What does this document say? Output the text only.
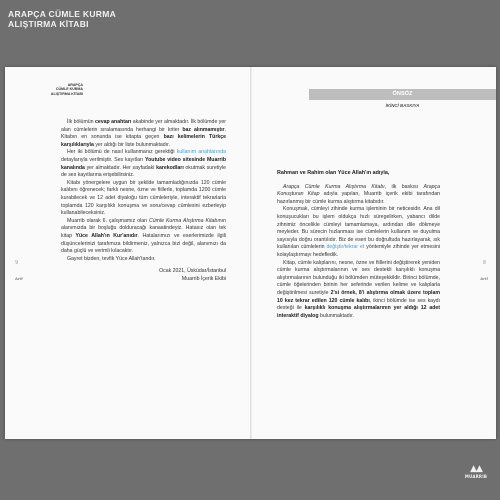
ARAPÇA CÜMLE KURMA
ALIŞTIRMA KİTABI
ARAPÇA
CÜMLE KURMA
ALIŞTIRMA KİTABI

İlk bölümün cevap anahtarı akabinde yer almaktadır. İlk bölümde yer alan cümlelerin sıralamasında herhangi bir kriter baz alınmamıştır. Kitabın en sonunda ise kitapta geçen bazı kelimelerin Türkçe karşılıklarıyla yer aldığı bir liste bulunmaktadır.

Her iki bölümü de nasıl kullanmanız gerektiği kullanım anahtarında detaylarıyla verilmiştir. Ses kayıtları Youtube video sitesinde Muarrib kanalında yer almaktadır. Her sayfadaki karekodları okutmak suretiyle de ses kayıtlarına erişebilirsiniz.

Kitabı yönergelere uygun bir şekilde tamamladığınızda 120 cümle kalıbını öğrenecek; farklı nesne, özne ve fiillerle, toplamda 1200 cümle kurabilecek ve 12 adet diyaloğu tüm cümleleriyle, interaktif tekrarlarla toplamda 120 karşılıklı konuşma ve soru/cevap cümlesini ezberleyip kullanabileceksiniz.

Muarrib olarak 6. çalışmamız olan Cümle Kurma Alıştırma Kitabının alanımızda bir boşluğu dolduracağı kanaatindeyiz. Hatasız olan tek kitap Yüce Allah'ın Kur'anıdır. Hatalarımızı ve eserlerimizde ilgili düşüncelerinizi tarafımıza bildirmeniz, yalnızca bizi değil, alanımızı da daha güçlü ve verimli kılacaktır.

Gayret bizden, tevfik Yüce Allah'tandır.

Ocak 2021, Üsküdar/İstanbul
Muarrib İçerik Ekibi
9
Arif
ÖNSÖZ
İKİNCİ BASKIYA

Rahman ve Rahim olan Yüce Allah'ın adıyla,

Arapça Cümle Kurma Alıştırma Kitabı, ilk baskısı Arapça Konuşturan Kitap adıyla yapılan, Muarrib içerik ekibi tarafından hazırlanmış bir cümle kurma alıştırma kitabıdır.

Konuşmak, cümleyi zihinde kurma işleminin bir neticesidir. Ana dil konuşucukları bu işlem oldukça hızlı süregelirken, yabancı dilde zihnimiz öncelikle cümleyi tamamlamaya, ardından dile dökmeye meyleder. Bu sürecin hızlanması ise cümlelerin kullanım ve duyulma sayısıyla doğru orantılıdır. Biz de eseri bu doğrultuda hazırlayarak, sık kullanılan cümlelerin değiştir/tekrar et yöntemiyle zihinde yer etmesini kolaylaştırmayı hedefledik.

Kitap, cümle kalıplarını, nesne, özne ve fiillerini değiştirerek yeniden cümle kurma alıştırmalarının ve ses destekli karşılıklı konuşma alıştırmalarının bulunduğu iki bölümden müteşekkildir. Birinci bölümde, cümle öğelerinden birinin her seferinde verilen kelime ve kalıplarla değiştirilmesi suretiyle 2'si örnek, 8'i alıştırma olmak üzere toplam 10 kez tekrar edilen 120 cümle kalıbı, ikinci bölümde ise ses kaydı desteği ile karşılıklı konuşma alıştırmalarının yer aldığı 12 adet interaktif diyalog bulunmaktadır.

8
Arif
▲▲
MUARRIB
